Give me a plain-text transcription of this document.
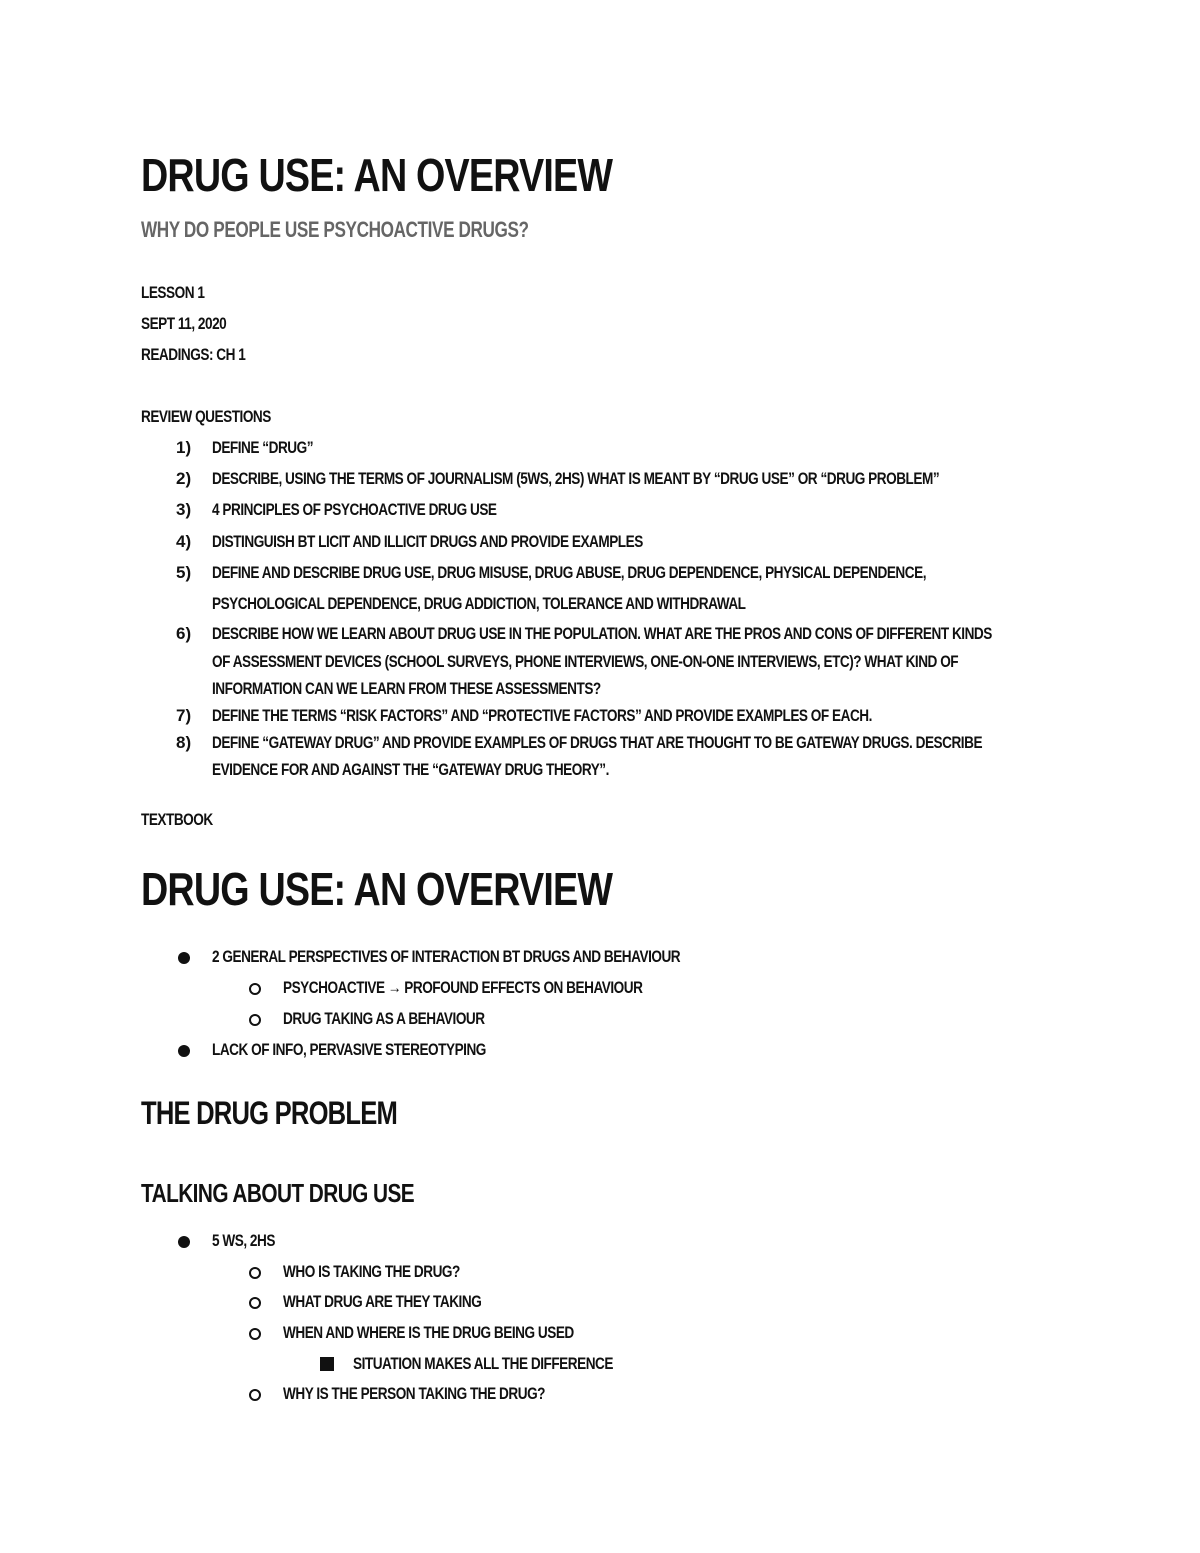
DRUG USE: AN OVERVIEW
WHY DO PEOPLE USE PSYCHOACTIVE DRUGS?
LESSON 1
SEPT 11, 2020
READINGS: CH 1
REVIEW QUESTIONS
1) DEFINE “DRUG”
2) DESCRIBE, USING THE TERMS OF JOURNALISM (5WS, 2HS) WHAT IS MEANT BY “DRUG USE” OR “DRUG PROBLEM”
3) 4 PRINCIPLES OF PSYCHOACTIVE DRUG USE
4) DISTINGUISH BT LICIT AND ILLICIT DRUGS AND PROVIDE EXAMPLES
5) DEFINE AND DESCRIBE DRUG USE, DRUG MISUSE, DRUG ABUSE, DRUG DEPENDENCE, PHYSICAL DEPENDENCE,
PSYCHOLOGICAL DEPENDENCE, DRUG ADDICTION, TOLERANCE AND WITHDRAWAL
6) DESCRIBE HOW WE LEARN ABOUT DRUG USE IN THE POPULATION. WHAT ARE THE PROS AND CONS OF DIFFERENT KINDS
OF ASSESSMENT DEVICES (SCHOOL SURVEYS, PHONE INTERVIEWS, ONE-ON-ONE INTERVIEWS, ETC)? WHAT KIND OF
INFORMATION CAN WE LEARN FROM THESE ASSESSMENTS?
7) DEFINE THE TERMS “RISK FACTORS” AND “PROTECTIVE FACTORS” AND PROVIDE EXAMPLES OF EACH.
8) DEFINE “GATEWAY DRUG” AND PROVIDE EXAMPLES OF DRUGS THAT ARE THOUGHT TO BE GATEWAY DRUGS. DESCRIBE
EVIDENCE FOR AND AGAINST THE “GATEWAY DRUG THEORY”.
TEXTBOOK
DRUG USE: AN OVERVIEW
2 GENERAL PERSPECTIVES OF INTERACTION BT DRUGS AND BEHAVIOUR
PSYCHOACTIVE → PROFOUND EFFECTS ON BEHAVIOUR
DRUG TAKING AS A BEHAVIOUR
LACK OF INFO, PERVASIVE STEREOTYPING
THE DRUG PROBLEM
TALKING ABOUT DRUG USE
5 WS, 2HS
WHO IS TAKING THE DRUG?
WHAT DRUG ARE THEY TAKING
WHEN AND WHERE IS THE DRUG BEING USED
SITUATION MAKES ALL THE DIFFERENCE
WHY IS THE PERSON TAKING THE DRUG?
